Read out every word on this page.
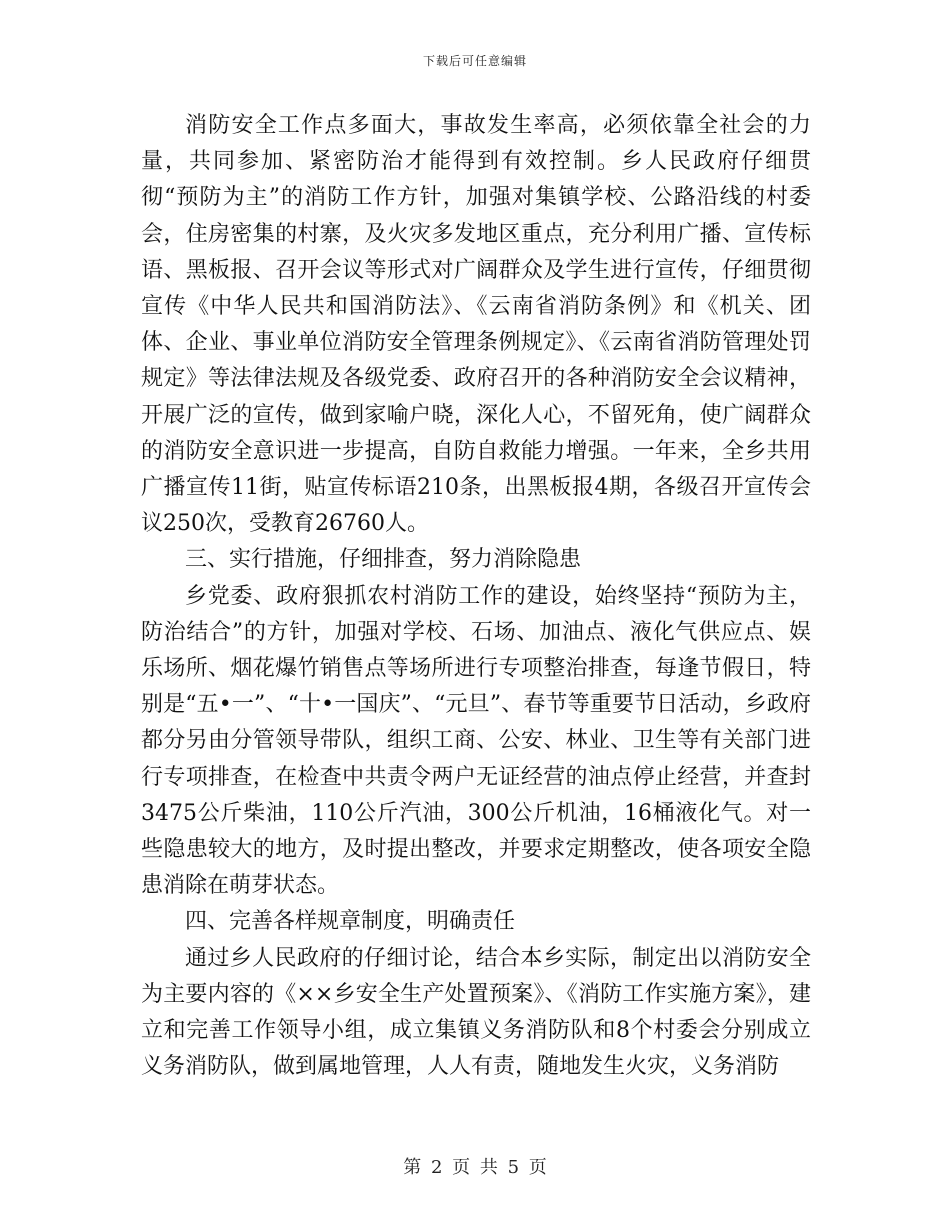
下载后可任意编辑

消防安全工作点多面大，事故发生率高，必须依靠全社会的力量，共同参加、紧密防治才能得到有效控制。乡人民政府仔细贯彻“预防为主”的消防工作方针，加强对集镇学校、公路沿线的村委会，住房密集的村寨，及火灾多发地区重点，充分利用广播、宣传标语、黑板报、召开会议等形式对广阔群众及学生进行宣传，仔细贯彻宣传《中华人民共和国消防法》、《云南省消防条例》和《机关、团体、企业、事业单位消防安全管理条例规定》、《云南省消防管理处罚规定》等法律法规及各级党委、政府召开的各种消防安全会议精神，开展广泛的宣传，做到家喻户晓，深化人心，不留死角，使广阔群众的消防安全意识进一步提高，自防自救能力增强。一年来，全乡共用广播宣传11街，贴宣传标语210条，出黑板报4期，各级召开宣传会议250次，受教育26760人。

三、实行措施，仔细排查，努力消除隐患

乡党委、政府狠抓农村消防工作的建设，始终坚持“预防为主，防治结合”的方针，加强对学校、石场、加油点、液化气供应点、娱乐场所、烟花爆竹销售点等场所进行专项整治排查，每逢节假日，特别是“五•一”、“十•一国庆”、“元旦”、春节等重要节日活动，乡政府都分另由分管领导带队，组织工商、公安、林业、卫生等有关部门进行专项排查，在检查中共责令两户无证经营的油点停止经营，并查封3475公斤柴油，110公斤汽油，300公斤机油，16桶液化气。对一些隐患较大的地方，及时提出整改，并要求定期整改，使各项安全隐患消除在萌芽状态。

四、完善各样规章制度，明确责任

通过乡人民政府的仔细讨论，结合本乡实际，制定出以消防安全为主要内容的《××乡安全生产处置预案》、《消防工作实施方案》，建立和完善工作领导小组，成立集镇义务消防队和8个村委会分别成立义务消防队，做到属地管理，人人有责，随地发生火灾，义务消防

第 2 页 共 5 页
